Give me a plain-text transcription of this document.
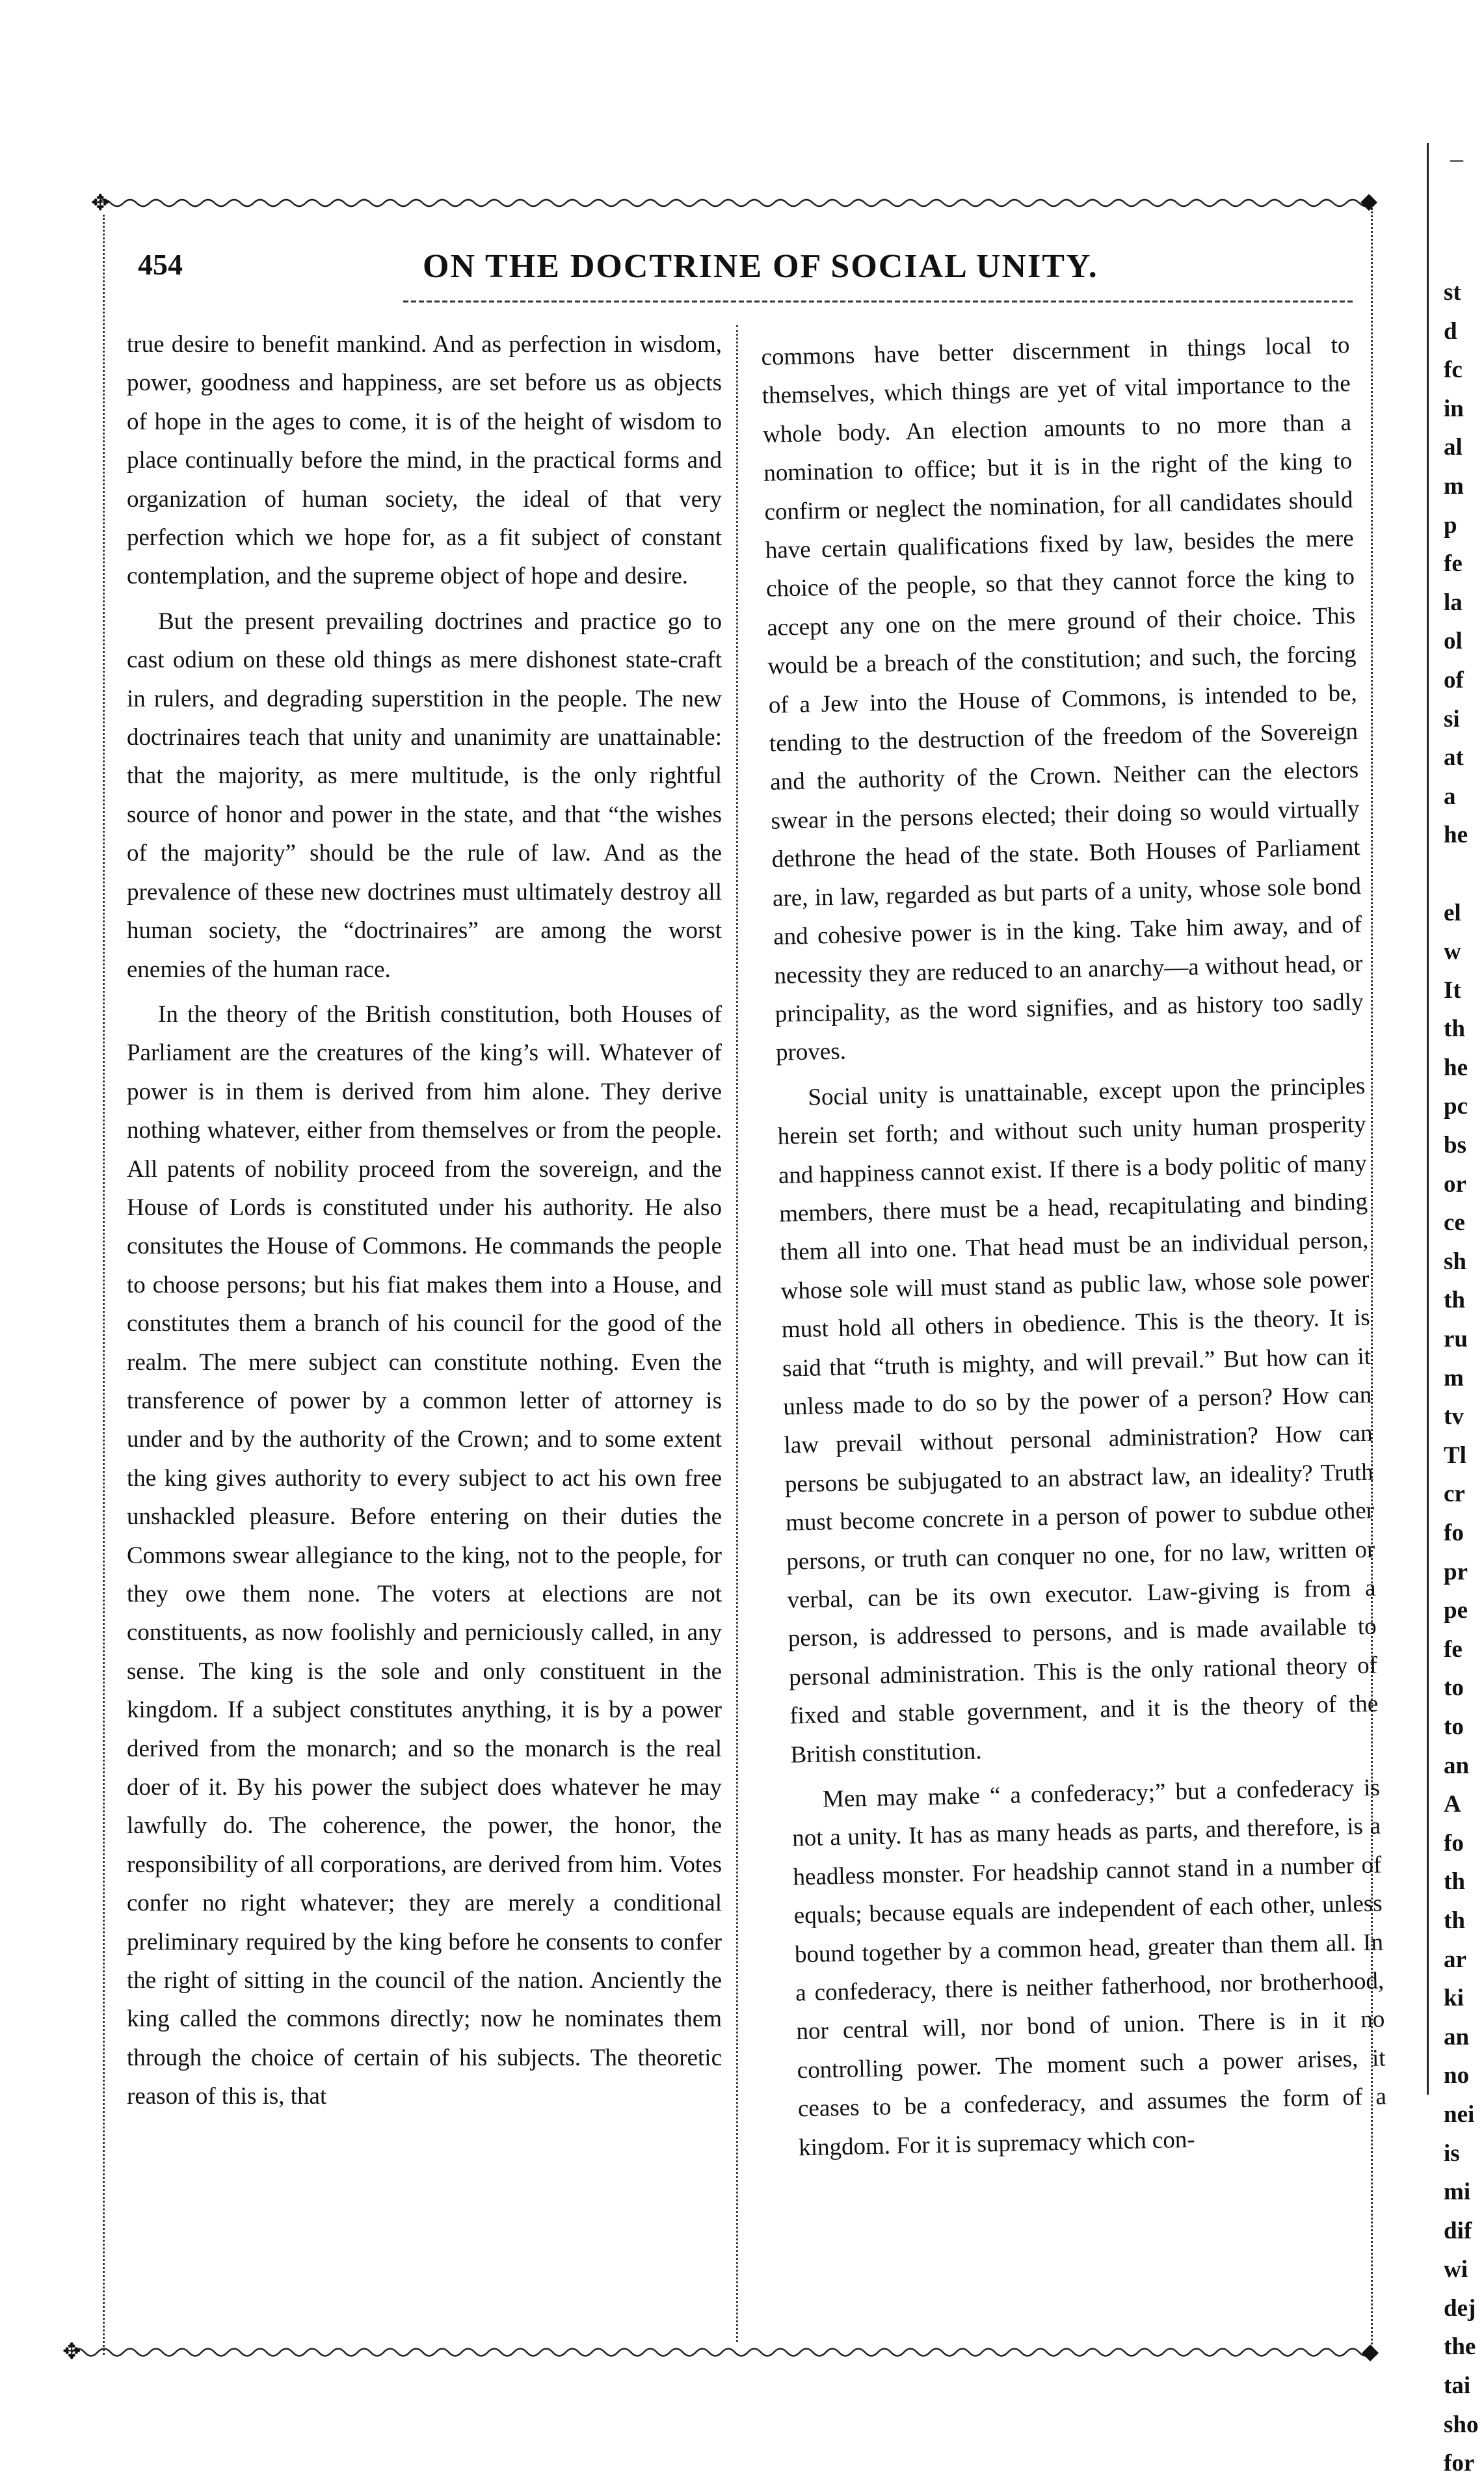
✥	◆
✥	◆
454	ON THE DOCTRINE OF SOCIAL UNITY.

true desire to benefit mankind. And as perfection in wisdom, power, goodness and happiness, are set before us as objects of hope in the ages to come, it is of the height of wisdom to place continually before the mind, in the practical forms and organization of human society, the ideal of that very perfection which we hope for, as a fit subject of constant contemplation, and the supreme object of hope and desire.

But the present prevailing doctrines and practice go to cast odium on these old things as mere dishonest state-craft in rulers, and degrading superstition in the people. The new doctrinaires teach that unity and unanimity are unattainable: that the majority, as mere multitude, is the only rightful source of honor and power in the state, and that “the wishes of the majority” should be the rule of law. And as the prevalence of these new doctrines must ultimately destroy all human society, the “doctrinaires” are among the worst enemies of the human race.

In the theory of the British constitution, both Houses of Parliament are the creatures of the king’s will. Whatever of power is in them is derived from him alone. They derive nothing whatever, either from themselves or from the people. All patents of nobility proceed from the sovereign, and the House of Lords is constituted under his authority. He also consitutes the House of Commons. He commands the people to choose persons; but his fiat makes them into a House, and constitutes them a branch of his council for the good of the realm. The mere subject can constitute nothing. Even the transference of power by a common letter of attorney is under and by the authority of the Crown; and to some extent the king gives authority to every subject to act his own free unshackled pleasure. Before entering on their duties the Commons swear allegiance to the king, not to the people, for they owe them none. The voters at elections are not constituents, as now foolishly and perniciously called, in any sense. The king is the sole and only constituent in the kingdom. If a subject constitutes anything, it is by a power derived from the monarch; and so the monarch is the real doer of it. By his power the subject does whatever he may lawfully do. The coherence, the power, the honor, the responsibility of all corporations, are derived from him. Votes confer no right whatever; they are merely a conditional preliminary required by the king before he consents to confer the right of sitting in the council of the nation. Anciently the king called the commons directly; now he nominates them through the choice of certain of his subjects. The theoretic reason of this is, that

commons have better discernment in things local to themselves, which things are yet of vital importance to the whole body. An election amounts to no more than a nomination to office; but it is in the right of the king to confirm or neglect the nomination, for all candidates should have certain qualifications fixed by law, besides the mere choice of the people, so that they cannot force the king to accept any one on the mere ground of their choice. This would be a breach of the constitution; and such, the forcing of a Jew into the House of Commons, is intended to be, tending to the destruction of the freedom of the Sovereign and the authority of the Crown. Neither can the electors swear in the persons elected; their doing so would virtually dethrone the head of the state. Both Houses of Parliament are, in law, regarded as but parts of a unity, whose sole bond and cohesive power is in the king. Take him away, and of necessity they are reduced to an anarchy—a without head, or principality, as the word signifies, and as history too sadly proves.

Social unity is unattainable, except upon the principles herein set forth; and without such unity human prosperity and happiness cannot exist. If there is a body politic of many members, there must be a head, recapitulating and binding them all into one. That head must be an individual person, whose sole will must stand as public law, whose sole power must hold all others in obedience. This is the theory. It is said that “truth is mighty, and will prevail.” But how can it unless made to do so by the power of a person? How can law prevail without personal administration? How can persons be subjugated to an abstract law, an ideality? Truth must become concrete in a person of power to subdue other persons, or truth can conquer no one, for no law, written or verbal, can be its own executor. Law-giving is from a person, is addressed to persons, and is made available to personal administration. This is the only rational theory of fixed and stable government, and it is the theory of the British constitution.

Men may make “ a confederacy;” but a confederacy is not a unity. It has as many heads as parts, and therefore, is a headless monster. For headship cannot stand in a number of equals; because equals are independent of each other, unless bound together by a common head, greater than them all. In a confederacy, there is neither fatherhood, nor brotherhood, nor central will, nor bond of union. There is in it no controlling power. The moment such a power arises, it ceases to be a confederacy, and assumes the form of a kingdom. For it is supremacy which con-

–
st
d
fc
in
al
m
p
fe
la
ol
of
si
at
a
he
el
w
It
th
he
pc
bs
or
ce
sh
th
ru
m
tv
Tl
cr
fo
pr
pe
fe
to
to
an
A
fo
th
th
ar
ki
an
no
nei
is
mi
dif
wi
dej
the
tai
sho
for
